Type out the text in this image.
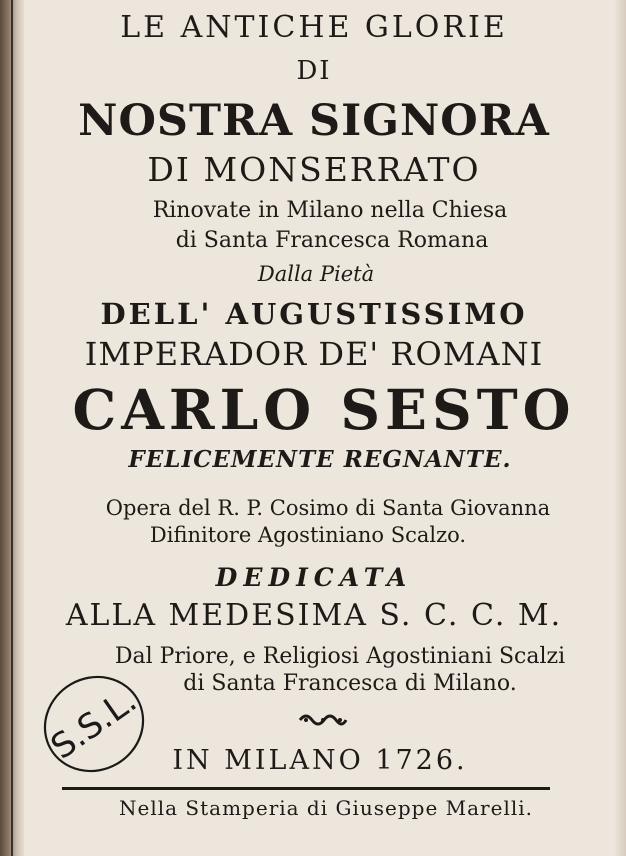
LE ANTICHE GLORIE
DI
NOSTRA SIGNORA
DI MONSERRATO
Rinovate in Milano nella Chiesa
di Santa Francesca Romana
Dalla Pietà
DELL' AUGUSTISSIMO
IMPERADOR DE' ROMANI
CARLO SESTO
FELICEMENTE REGNANTE.
Opera del R. P. Cosimo di Santa Giovanna
Difinitore Agostiniano Scalzo.
DEDICATA
ALLA MEDESIMA S. C. C. M.
Dal Priore, e Religiosi Agostiniani Scalzi
di Santa Francesca di Milano.
IN MILANO 1726.
Nella Stamperia di Giuseppe Marelli.
S.S.L.
